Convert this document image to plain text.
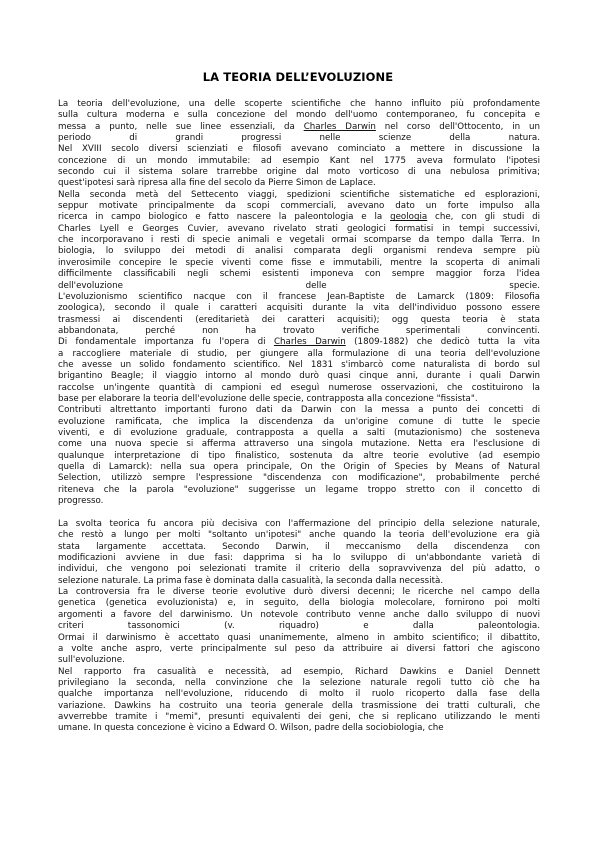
LA TEORIA DELL’EVOLUZIONE
La teoria dell'evoluzione, una delle scoperte scientifiche che hanno influito più profondamente
sulla cultura moderna e sulla concezione del mondo dell'uomo contemporaneo, fu concepita e
messa a punto, nelle sue linee essenziali, da Charles Darwin nel corso dell'Ottocento, in un
periodo	di	grandi	progressi	nelle	scienze	della	natura.
Nel XVIII secolo diversi scienziati e filosofi avevano cominciato a mettere in discussione la
concezione di un mondo immutabile: ad esempio Kant nel 1775 aveva formulato l'ipotesi
secondo cui il sistema solare trarrebbe origine dal moto vorticoso di una nebulosa primitiva;
quest'ipotesi sarà ripresa alla fine del secolo da Pierre Simon de Laplace.
Nella seconda metà del Settecento viaggi, spedizioni scientifiche sistematiche ed esplorazioni,
seppur motivate principalmente da scopi commerciali, avevano dato un forte impulso alla
ricerca in campo biologico e fatto nascere la paleontologia e la geologia che, con gli studi di
Charles Lyell e Georges Cuvier, avevano rivelato strati geologici formatisi in tempi successivi,
che incorporavano i resti di specie animali e vegetali ormai scomparse da tempo dalla Terra. In
biologia, lo sviluppo dei metodi di analisi comparata degli organismi rendeva sempre più
inverosimile concepire le specie viventi come fisse e immutabili, mentre la scoperta di animali
difficilmente classificabili negli schemi esistenti imponeva con sempre maggior forza l'idea
dell'evoluzione	delle	specie.
L'evoluzionismo scientifico nacque con il francese Jean-Baptiste de Lamarck (1809: Filosofia
zoologica), secondo il quale i caratteri acquisiti durante la vita dell'individuo possono essere
trasmessi ai discendenti (ereditarietà dei caratteri acquisiti); ogg questa teoria è stata
abbandonata,	perché	non	ha	trovato	verifiche	sperimentali	convincenti.
Di fondamentale importanza fu l'opera di Charles Darwin (1809-1882) che dedicò tutta la vita
a raccogliere materiale di studio, per giungere alla formulazione di una teoria dell'evoluzione
che avesse un solido fondamento scientifico. Nel 1831 s'imbarcò come naturalista di bordo sul
brigantino Beagle; il viaggio intorno al mondo durò quasi cinque anni, durante i quali Darwin
raccolse un'ingente quantità di campioni ed eseguì numerose osservazioni, che costituirono la
base per elaborare la teoria dell'evoluzione delle specie, contrapposta alla concezione "fissista".
Contributi altrettanto importanti furono dati da Darwin con la messa a punto dei concetti di
evoluzione ramificata, che implica la discendenza da un'origine comune di tutte le specie
viventi, e di evoluzione graduale, contrapposta a quella a salti (mutazionismo) che sosteneva
come una nuova specie si afferma attraverso una singola mutazione. Netta era l'esclusione di
qualunque interpretazione di tipo finalistico, sostenuta da altre teorie evolutive (ad esempio
quella di Lamarck): nella sua opera principale, On the Origin of Species by Means of Natural
Selection, utilizzò sempre l'espressione "discendenza con modificazione", probabilmente perché
riteneva che la parola "evoluzione" suggerisse un legame troppo stretto con il concetto di
progresso.
La svolta teorica fu ancora più decisiva con l'affermazione del principio della selezione naturale,
che restò a lungo per molti "soltanto un'ipotesi" anche quando la teoria dell'evoluzione era già
stata largamente accettata. Secondo Darwin, il meccanismo della discendenza con
modificazioni avviene in due fasi: dapprima si ha lo sviluppo di un'abbondante varietà di
individui, che vengono poi selezionati tramite il criterio della sopravvivenza del più adatto, o
selezione naturale. La prima fase è dominata dalla casualità, la seconda dalla necessità.
La controversia fra le diverse teorie evolutive durò diversi decenni; le ricerche nel campo della
genetica (genetica evoluzionista) e, in seguito, della biologia molecolare, fornirono poi molti
argomenti a favore del darwinismo. Un notevole contributo venne anche dallo sviluppo di nuovi
criteri	tassonomici	(v.	riquadro)	e	dalla	paleontologia.
Ormai il darwinismo è accettato quasi unanimemente, almeno in ambito scientifico; il dibattito,
a volte anche aspro, verte principalmente sul peso da attribuire ai diversi fattori che agiscono
sull'evoluzione.
Nel rapporto fra casualità e necessità, ad esempio, Richard Dawkins e Daniel Dennett
privilegiano la seconda, nella convinzione che la selezione naturale regoli tutto ciò che ha
qualche importanza nell'evoluzione, riducendo di molto il ruolo ricoperto dalla fase della
variazione. Dawkins ha costruito una teoria generale della trasmissione dei tratti culturali, che
avverrebbe tramite i "memi", presunti equivalenti dei geni, che si replicano utilizzando le menti
umane. In questa concezione è vicino a Edward O. Wilson, padre della sociobiologia, che
